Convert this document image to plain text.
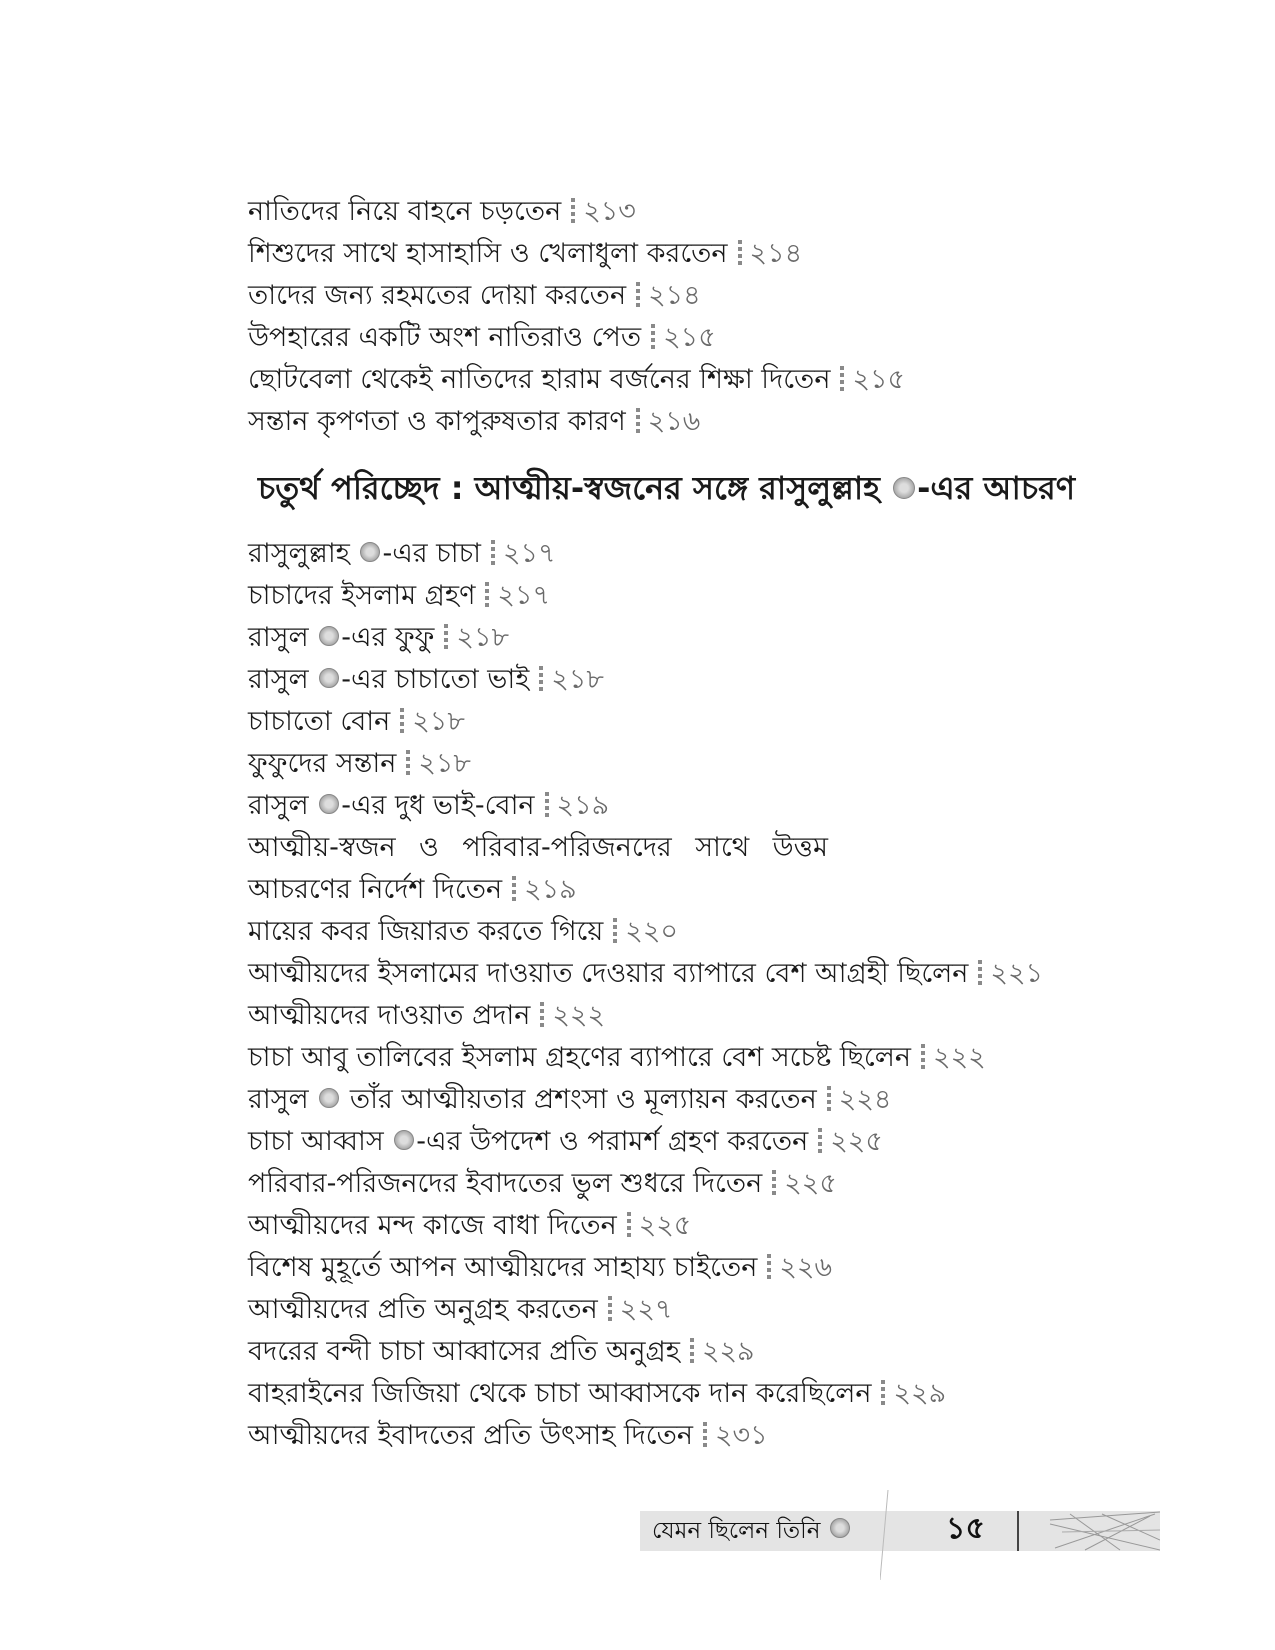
নাতিদের নিয়ে বাহনে চড়তেন ২১৩
শিশুদের সাথে হাসাহাসি ও খেলাধুলা করতেন ২১৪
তাদের জন্য রহমতের দোয়া করতেন ২১৪
উপহারের একটি অংশ নাতিরাও পেত ২১৫
ছোটবেলা থেকেই নাতিদের হারাম বর্জনের শিক্ষা দিতেন ২১৫
সন্তান কৃপণতা ও কাপুরুষতার কারণ ২১৬
চতুর্থ পরিচ্ছেদ : আত্মীয়-স্বজনের সঙ্গে রাসুলুল্লাহ -এর আচরণ
রাসুলুল্লাহ -এর চাচা ২১৭
চাচাদের ইসলাম গ্রহণ ২১৭
রাসুল -এর ফুফু ২১৮
রাসুল -এর চাচাতো ভাই ২১৮
চাচাতো বোন ২১৮
ফুফুদের সন্তান ২১৮
রাসুল -এর দুধ ভাই-বোন ২১৯
আত্মীয়-স্বজন ও পরিবার-পরিজনদের সাথে উত্তম
আচরণের নির্দেশ দিতেন ২১৯
মায়ের কবর জিয়ারত করতে গিয়ে ২২০
আত্মীয়দের ইসলামের দাওয়াত দেওয়ার ব্যাপারে বেশ আগ্রহী ছিলেন ২২১
আত্মীয়দের দাওয়াত প্রদান ২২২
চাচা আবু তালিবের ইসলাম গ্রহণের ব্যাপারে বেশ সচেষ্ট ছিলেন ২২২
রাসুল  তাঁর আত্মীয়তার প্রশংসা ও মূল্যায়ন করতেন ২২৪
চাচা আব্বাস -এর উপদেশ ও পরামর্শ গ্রহণ করতেন ২২৫
পরিবার-পরিজনদের ইবাদতের ভুল শুধরে দিতেন ২২৫
আত্মীয়দের মন্দ কাজে বাধা দিতেন ২২৫
বিশেষ মুহূর্তে আপন আত্মীয়দের সাহায্য চাইতেন ২২৬
আত্মীয়দের প্রতি অনুগ্রহ করতেন ২২৭
বদরের বন্দী চাচা আব্বাসের প্রতি অনুগ্রহ ২২৯
বাহরাইনের জিজিয়া থেকে চাচা আব্বাসকে দান করেছিলেন ২২৯
আত্মীয়দের ইবাদতের প্রতি উৎসাহ দিতেন ২৩১
যেমন ছিলেন তিনি	১৫
